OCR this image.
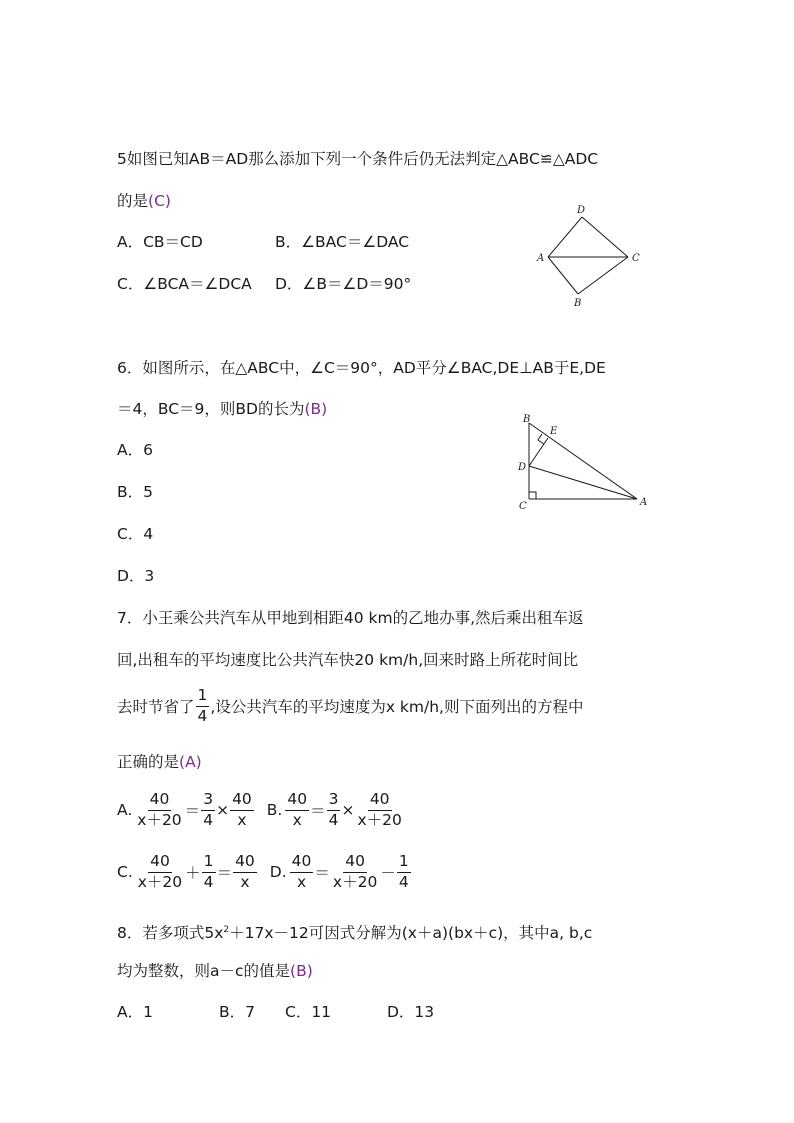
5如图已知AB＝AD那么添加下列一个条件后仍无法判定△ABC≌△ADC
的是(C)
A．CB＝CD	B．∠BAC＝∠DAC
C．∠BCA＝∠DCA D．∠B＝∠D＝90°
D
A	C
B
6．如图所示，在△ABC中，∠C＝90°，AD平分∠BAC,DE⊥AB于E,DE
＝4，BC＝9，则BD的长为(B)
A．6
B．5
C．4
D．3
B
E
D
C	A
7．小王乘公共汽车从甲地到相距40 km的乙地办事,然后乘出租车返
回,出租车的平均速度比公共汽车快20 km/h,回来时路上所花时间比
去时节省了 $\frac{1}{4}$ ,设公共汽车的平均速度为x km/h,则下面列出的方程中
正确的是(A)
A. $\frac{40}{x+20} = \frac{3}{4} \times \frac{40}{x} B$. $\frac{40}{x} = \frac{3}{4} \times \frac{40}{x+20}$
C. $\frac{40}{x+20} + \frac{1}{4} = \frac{40}{x} D$. $\frac{40}{x} = \frac{40}{x+20} - \frac{1}{4}$
8．若多项式$5x^2+17x-12$可因式分解为(x＋a)(bx＋c)，其中a, b,c
均为整数，则a－c的值是(B)
A．1	B．7 C．11	D．13
